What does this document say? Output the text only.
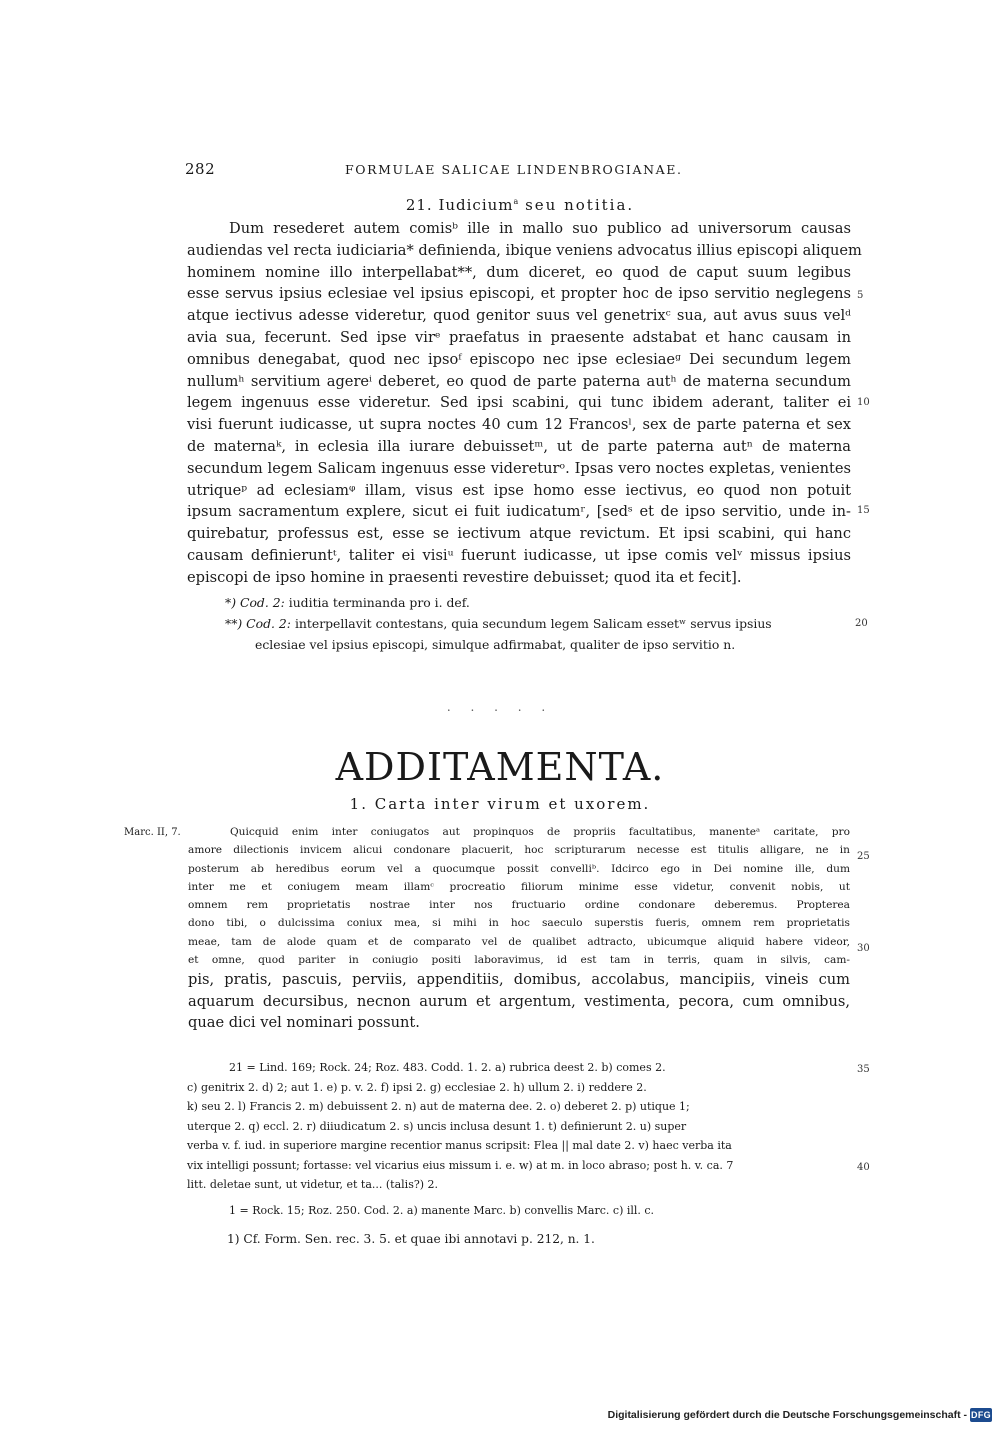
282	FORMULAE SALICAE LINDENBROGIANAE.
21. Iudicium$^a$ seu notitia.
Dum resederet autem comisᵇ ille in mallo suo publico ad universorum causas
audiendas vel recta iudiciaria* definienda, ibique veniens advocatus illius episcopi aliquem
hominem nomine illo interpellabat**, dum diceret, eo quod de caput suum legibus
esse servus ipsius eclesiae vel ipsius episcopi, et propter hoc de ipso servitio neglegens
atque iectivus adesse videretur, quod genitor suus vel genetrixᶜ sua, aut avus suus velᵈ
avia sua, fecerunt. Sed ipse virᵉ praefatus in praesente adstabat et hanc causam in
omnibus denegabat, quod nec ipsoᶠ episcopo nec ipse eclesiaeᵍ Dei secundum legem
nullumʰ servitium agereⁱ deberet, eo quod de parte paterna autʰ de materna secundum
legem ingenuus esse videretur. Sed ipsi scabini, qui tunc ibidem aderant, taliter ei
visi fuerunt iudicasse, ut supra noctes 40 cum 12 Francosˡ, sex de parte paterna et sex
de maternaᵏ, in eclesia illa iurare debuissetᵐ, ut de parte paterna autⁿ de materna
secundum legem Salicam ingenuus esse videreturᵒ. Ipsas vero noctes expletas, venientes
utriqueᵖ ad eclesiamᵠ illam, visus est ipse homo esse iectivus, eo quod non potuit
ipsum sacramentum explere, sicut ei fuit iudicatumʳ, [sedˢ et de ipso servitio, unde in-
quirebatur, professus est, esse se iectivum atque revictum. Et ipsi scabini, qui hanc
causam definieruntᵗ, taliter ei visiᵘ fuerunt iudicasse, ut ipse comis velᵛ missus ipsius
episcopi de ipso homine in praesenti revestire debuisset; quod ita et fecit].
5
10
15
*) Cod. 2: iuditia terminanda pro i. def.
**) Cod. 2: interpellavit contestans, quia secundum legem Salicam essetʷ servus ipsius
eclesiae vel ipsius episcopi, simulque adfirmabat, qualiter de ipso servitio n.
20
. . . . .
ADDITAMENTA.
1. Carta inter virum et uxorem.
Marc. II, 7.	Quicquid enim inter coniugatos aut propinquos de propriis facultatibus, manenteᵃ caritate, pro
amore dilectionis invicem alicui condonare placuerit, hoc scripturarum necesse est titulis alligare, ne in
posterum ab heredibus eorum vel a quocumque possit convelliᵇ. Idcirco ego in Dei nomine ille, dum
inter me et coniugem meam illamᶜ procreatio filiorum minime esse videtur, convenit nobis, ut
omnem rem proprietatis nostrae inter nos fructuario ordine condonare deberemus. Propterea
dono tibi, o dulcissima coniux mea, si mihi in hoc saeculo superstis fueris, omnem rem proprietatis
meae, tam de alode quam et de comparato vel de qualibet adtracto, ubicumque aliquid habere videor,
et omne, quod pariter in coniugio positi laboravimus, id est tam in terris, quam in silvis, cam-
pis, pratis, pascuis, perviis, appenditiis, domibus, accolabus, mancipiis, vineis cum
aquarum decursibus, necnon aurum et argentum, vestimenta, pecora, cum omnibus,
quae dici vel nominari possunt.
25
30
21 = Lind. 169; Rock. 24; Roz. 483. Codd. 1. 2. a) rubrica deest 2. b) comes 2.
c) genitrix 2. d) 2; aut 1. e) p. v. 2. f) ipsi 2. g) ecclesiae 2. h) ullum 2. i) reddere 2.
k) seu 2. l) Francis 2. m) debuissent 2. n) aut de materna dee. 2. o) deberet 2. p) utique 1;
uterque 2. q) eccl. 2. r) diiudicatum 2. s) uncis inclusa desunt 1. t) definierunt 2. u) super
verba v. f. iud. in superiore margine recentior manus scripsit: Flea || mal date 2. v) haec verba ita
vix intelligi possunt; fortasse: vel vicarius eius missum i. e. w) at m. in loco abraso; post h. v. ca. 7
litt. deletae sunt, ut videtur, et ta... (talis?) 2.
1 = Rock. 15; Roz. 250. Cod. 2. a) manente Marc. b) convellis Marc. c) ill. c.
35
40
1) Cf. Form. Sen. rec. 3. 5. et quae ibi annotavi p. 212, n. 1.
Digitalisierung gefördert durch die Deutsche Forschungsgemeinschaft - DFG
